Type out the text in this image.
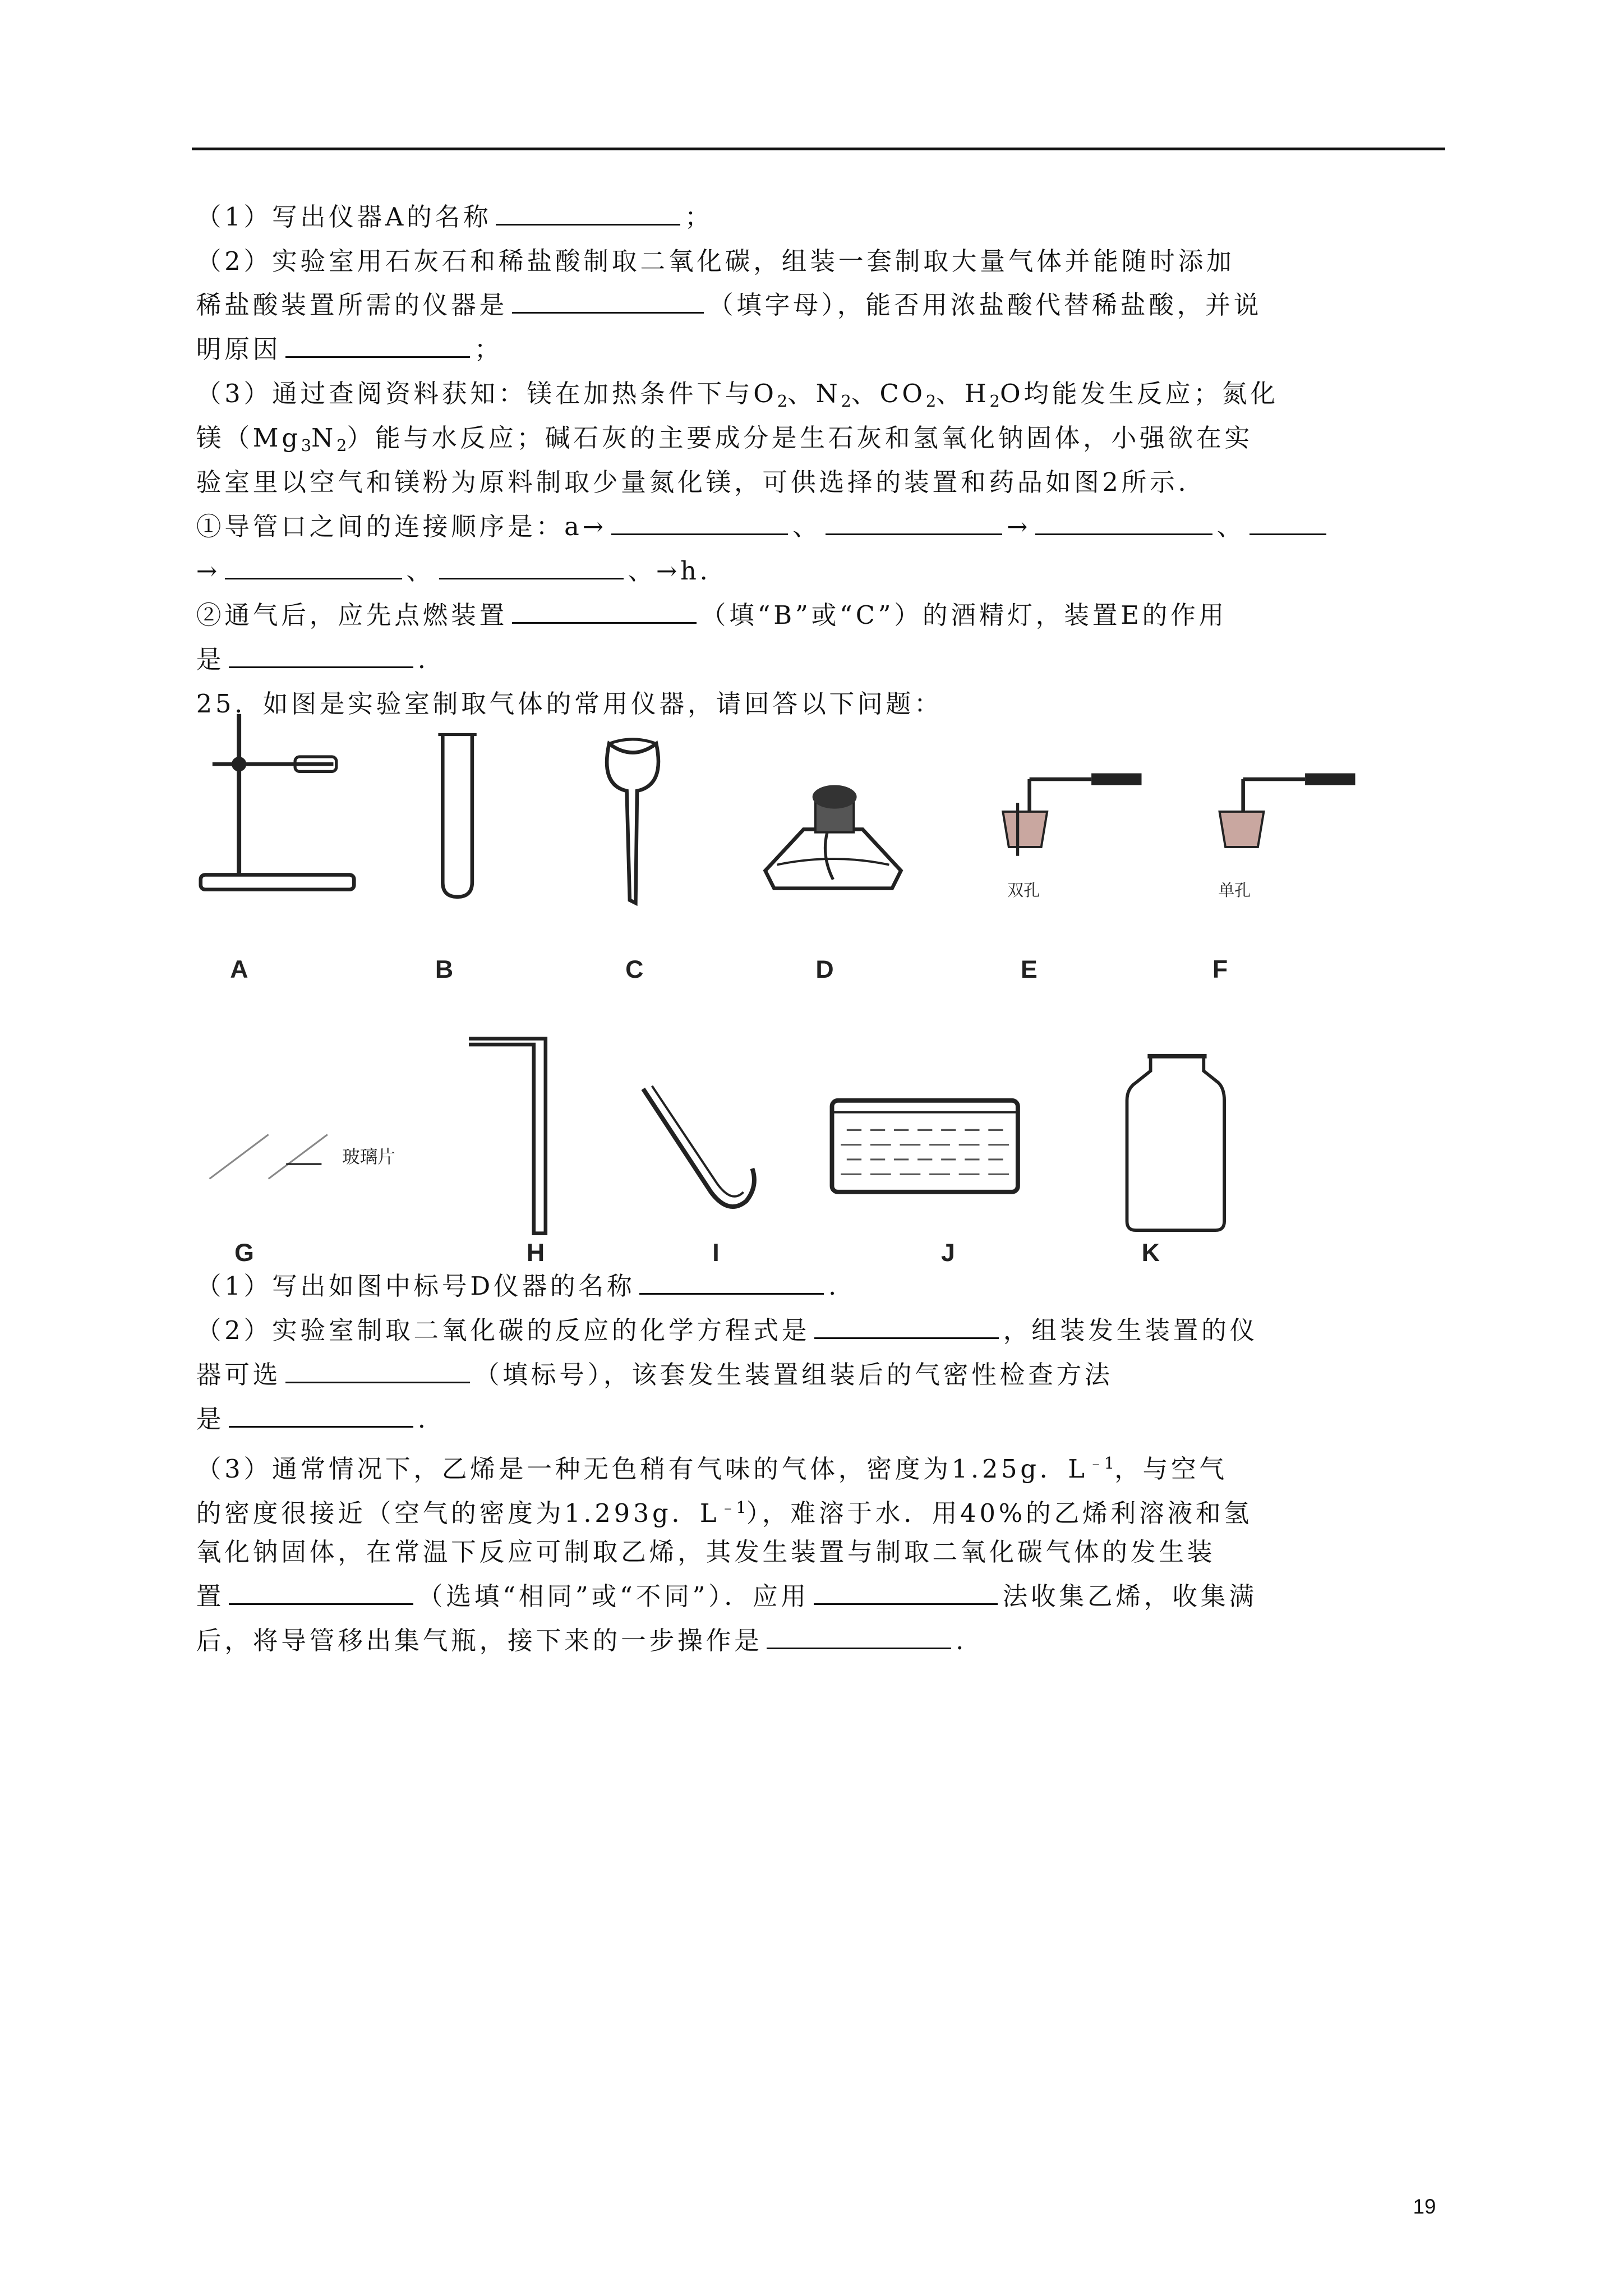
（1）写出仪器A的名称	；
（2）实验室用石灰石和稀盐酸制取二氧化碳，组装一套制取大量气体并能随时添加
稀盐酸装置所需的仪器是	（填字母），能否用浓盐酸代替稀盐酸，并说
明原因	；
（3）通过查阅资料获知：镁在加热条件下与$O_2$、$N_2$、$CO_2$、$H_2O$均能发生反应；氮化
镁$(Mg_3N_2)$能与水反应；碱石灰的主要成分是生石灰和氢氧化钠固体，小强欲在实
验室里以空气和镁粉为原料制取少量氮化镁，可供选择的装置和药品如图2所示．
①导管口之间的连接顺序是：a→	、	→	、
→	、	、→h.
②通气后，应先点燃装置	（填“B”或“C”）的酒精灯，装置E的作用
是	.
25．如图是实验室制取气体的常用仪器，请回答以下问题：
双孔	单孔
A	B	C	D	E	F
玻璃片
G	H	I	J	K
（1）写出如图中标号D仪器的名称	.
（2）实验室制取二氧化碳的反应的化学方程式是	，组装发生装置的仪
器可选	（填标号），该套发生装置组装后的气密性检查方法
是	.
（3）通常情况下，乙烯是一种无色稍有气味的气体，密度为1.25g．$L^{﹣1}$，与空气
的密度很接近（空气的密度为1.293g．$L^{﹣1}$），难溶于水．用40%的乙烯利溶液和氢
氧化钠固体，在常温下反应可制取乙烯，其发生装置与制取二氧化碳气体的发生装
置	（选填“相同”或“不同”）．应用	法收集乙烯，收集满
后，将导管移出集气瓶，接下来的一步操作是	.
19
